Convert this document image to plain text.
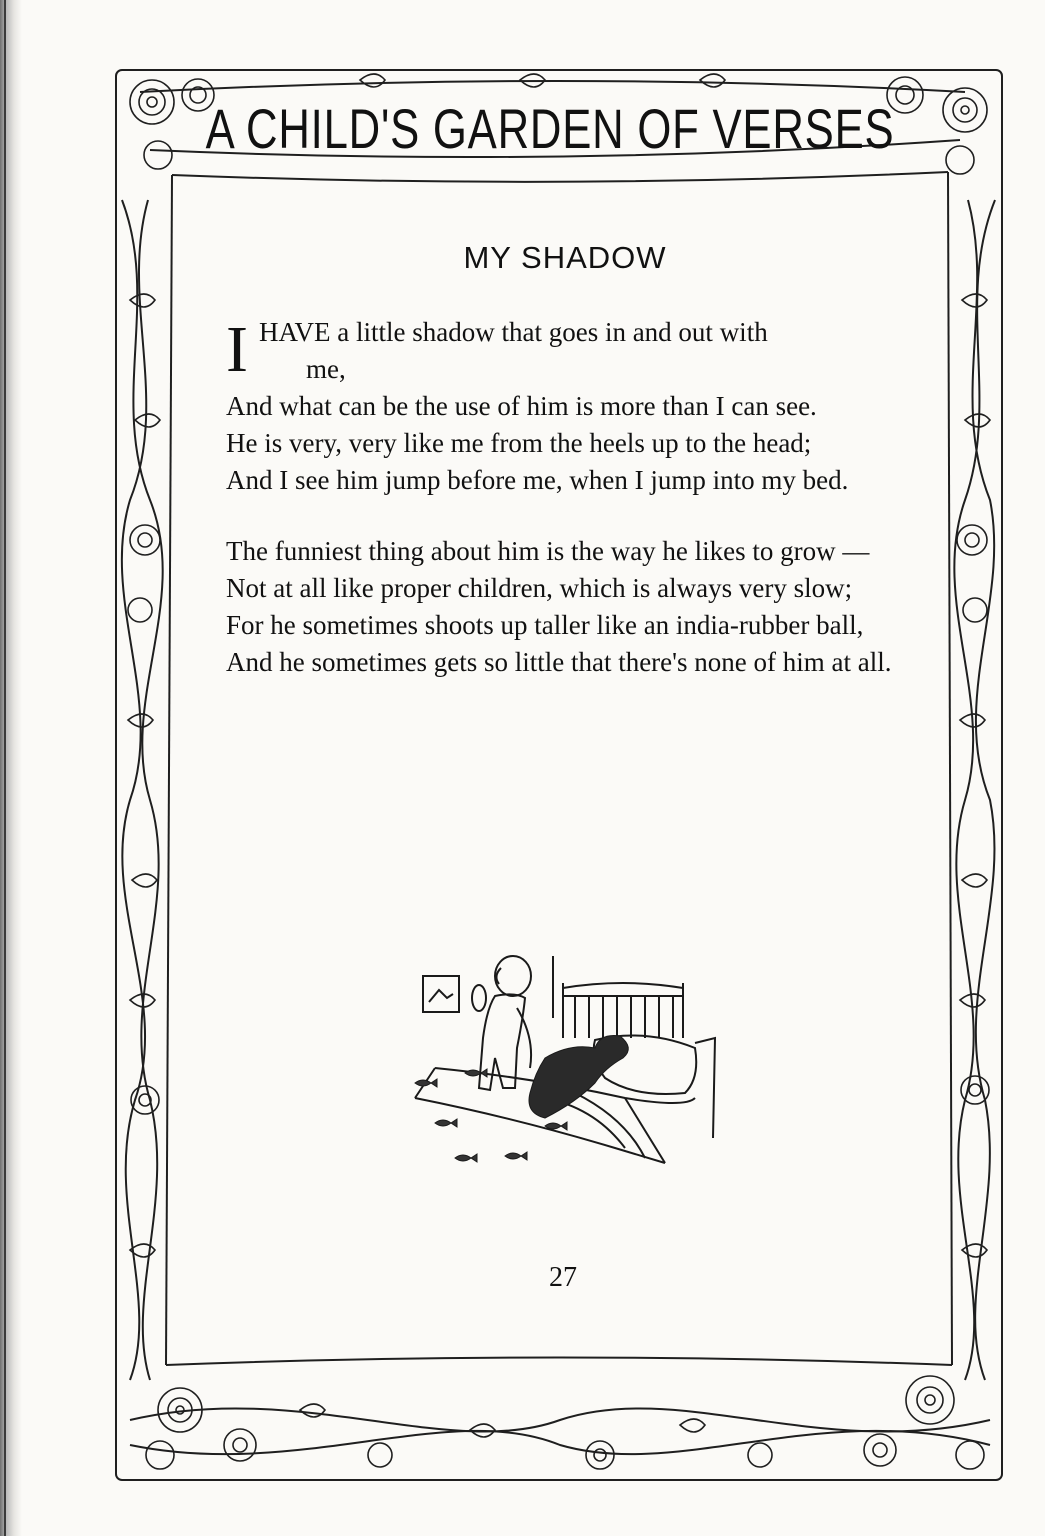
A CHILD'S GARDEN OF VERSES
MY SHADOW
I HAVE a little shadow that goes in and out with
me,

And what can be the use of him is more than I can see.

He is very, very like me from the heels up to the head;

And I see him jump before me, when I jump into my bed.

The funniest thing about him is the way he likes to grow —

Not at all like proper children, which is always very slow;

For he sometimes shoots up taller like an india-rubber ball,

And he sometimes gets so little that there's none of him at all.

27
